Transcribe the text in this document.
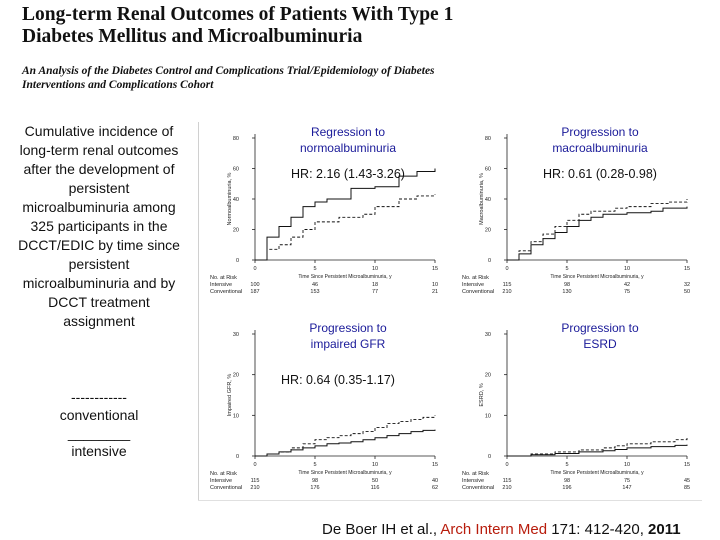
Long-term Renal Outcomes of Patients With Type 1 Diabetes Mellitus and Microalbuminuria
An Analysis of the Diabetes Control and Complications Trial/Epidemiology of Diabetes Interventions and Complications Cohort
Cumulative incidence of long-term renal outcomes after the development of persistent microalbuminuria among 325 participants in the DCCT/EDIC by time since persistent microalbuminuria and by DCCT treatment assignment
------------
conventional
________
intensive
0
20
40
60
80
0	5	10	15
Time Since Persistent Microalbuminuria, y
Normoalbuminuria, %
Regression to
normoalbuminuria
HR: 2.16 (1.43-3.26)
No. at Risk
Intensive	100	46	18	10
Conventional 187	153	77	21
0
20
40
60
80
0	5	10	15
Time Since Persistent Microalbuminuria, y
Macroalbuminuria, %
Progression to
macroalbuminuria
HR: 0.61 (0.28-0.98)
No. at Risk
Intensive	115	98	42	32
Conventional 210	130	75	50
0
10
20
30
0	5	10	15
Time Since Persistent Microalbuminuria, y
Impaired GFR, %
Progression to
impaired GFR
HR: 0.64 (0.35-1.17)
No. at Risk
Intensive	115	98	50	40
Conventional 210	176	116	62
0
10
20
30
0	5	10	15
Time Since Persistent Microalbuminuria, y
ESRD, %
Progression to
ESRD
No. at Risk
Intensive	115	98	75	45
Conventional 210	196	147	85
De Boer IH et al., Arch Intern Med 171: 412-420, 2011
